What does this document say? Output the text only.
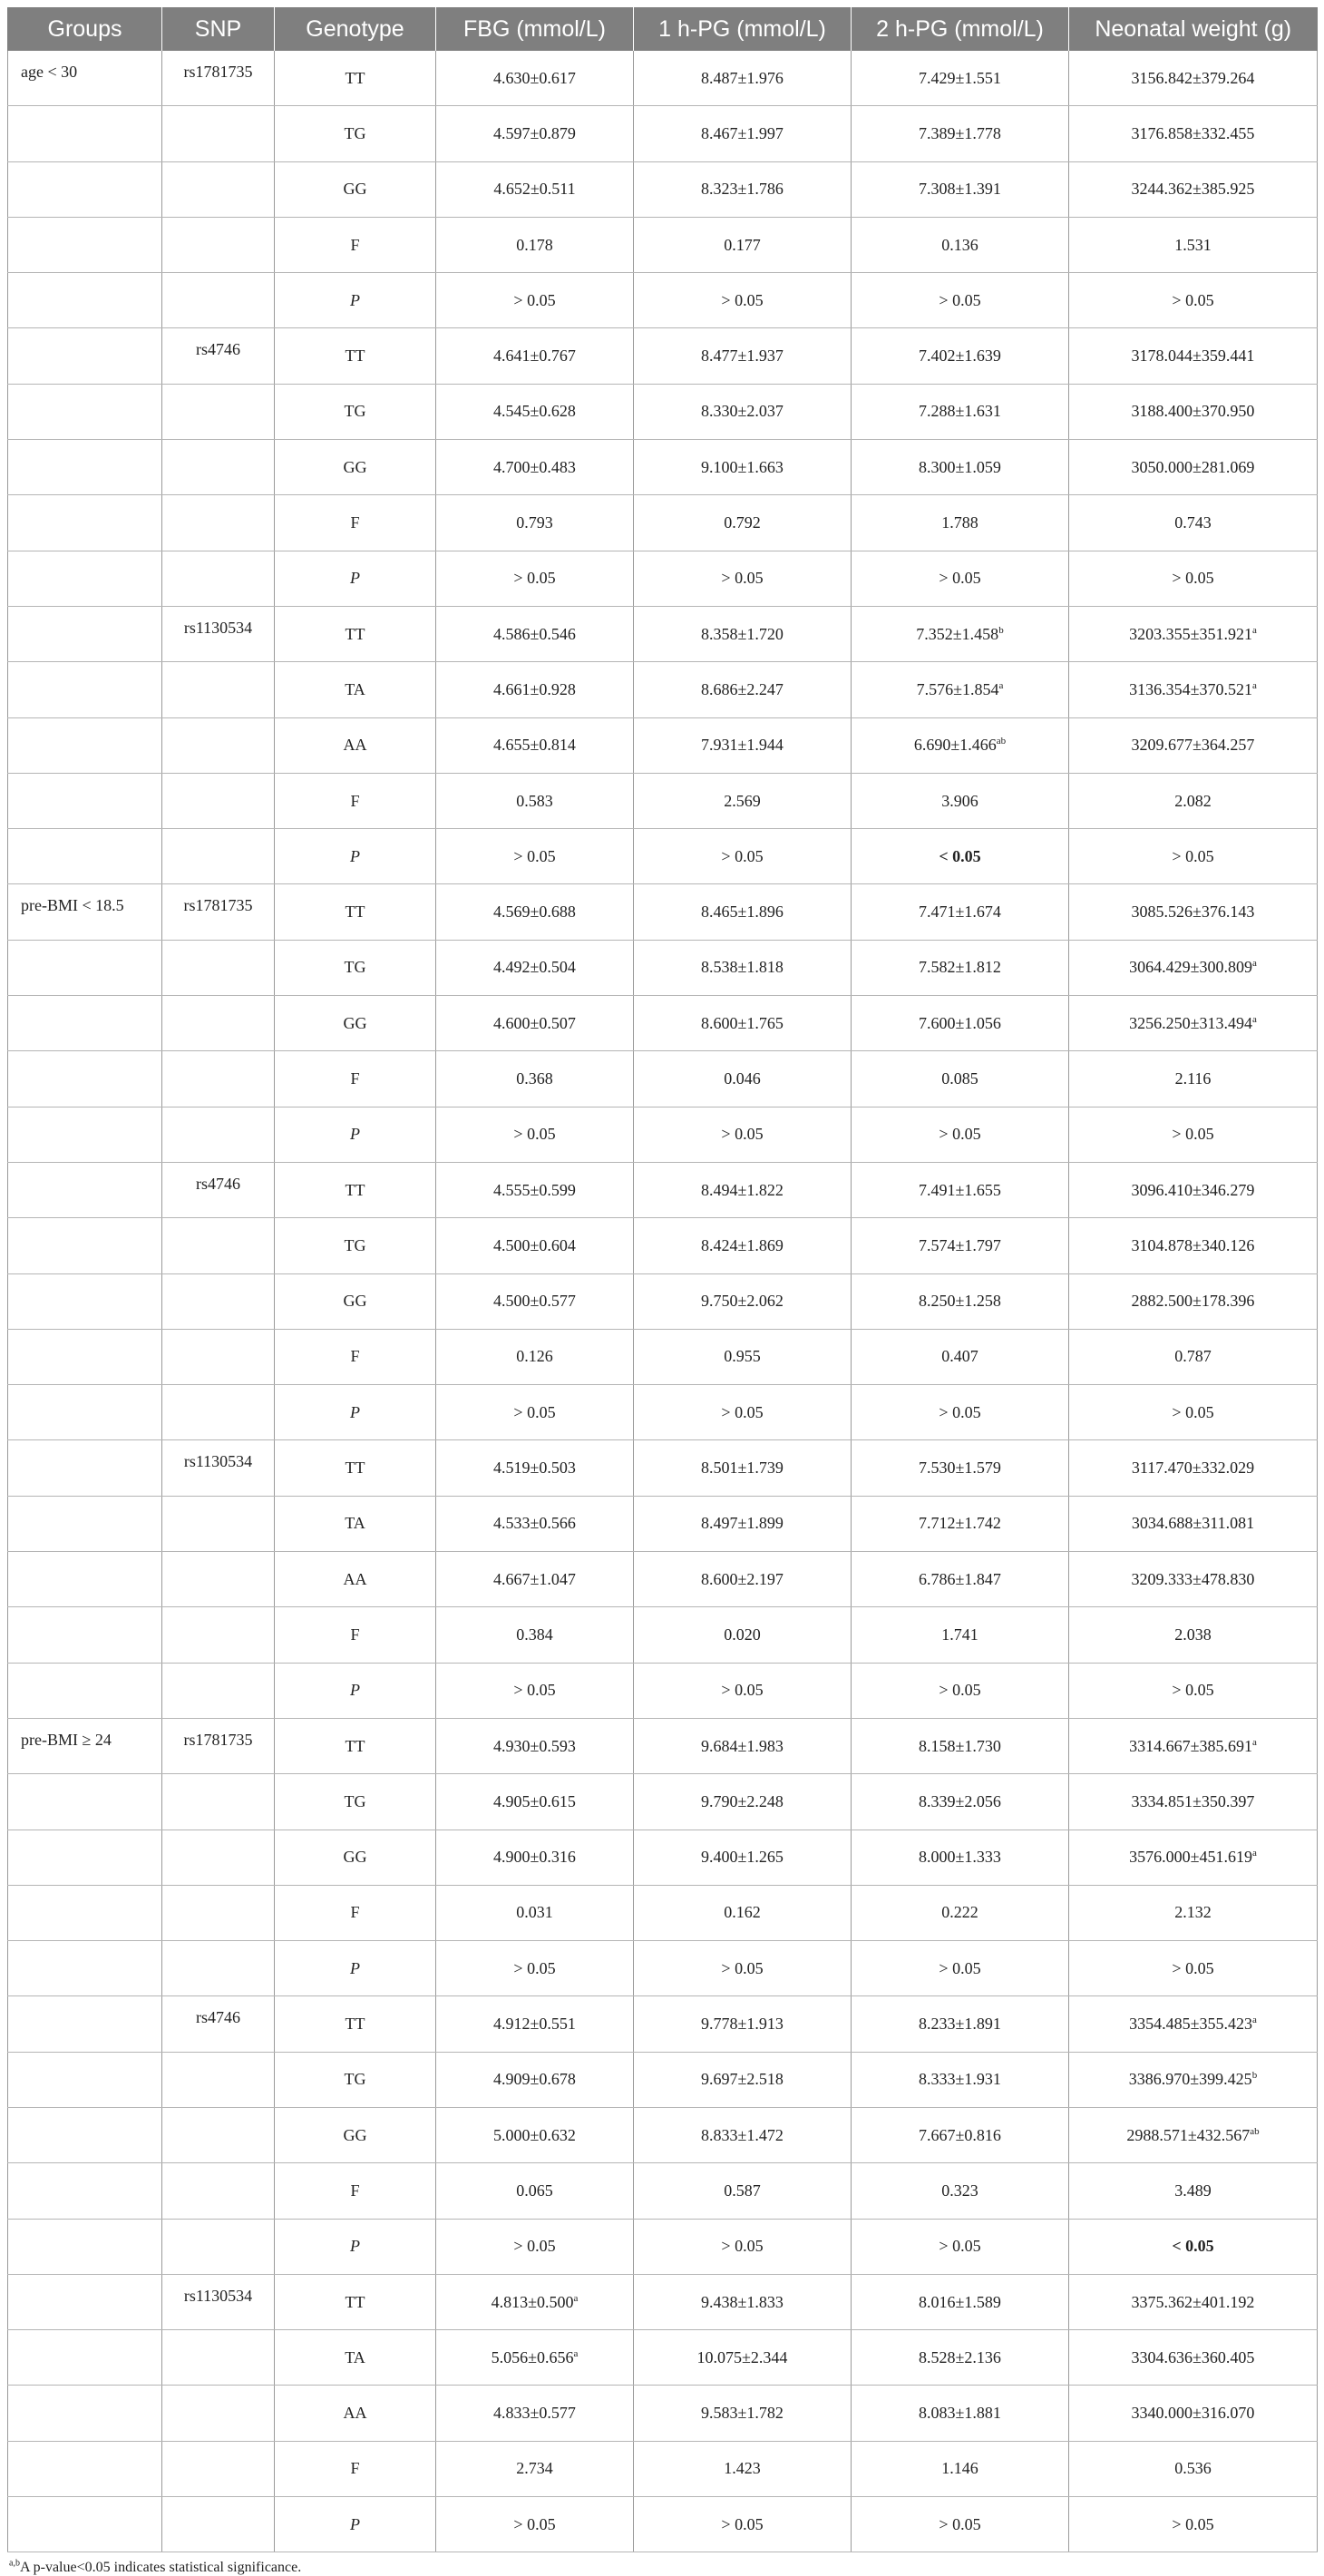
Groups	SNP	Genotype	FBG (mmol/L)	1 h-PG (mmol/L)	2 h-PG (mmol/L)	Neonatal weight (g)
age < 30	rs1781735	TT	4.630±0.617	8.487±1.976	7.429±1.551	3156.842±379.264
		TG	4.597±0.879	8.467±1.997	7.389±1.778	3176.858±332.455
		GG	4.652±0.511	8.323±1.786	7.308±1.391	3244.362±385.925
		F	0.178	0.177	0.136	1.531
		P	> 0.05	> 0.05	> 0.05	> 0.05
	rs4746	TT	4.641±0.767	8.477±1.937	7.402±1.639	3178.044±359.441
		TG	4.545±0.628	8.330±2.037	7.288±1.631	3188.400±370.950
		GG	4.700±0.483	9.100±1.663	8.300±1.059	3050.000±281.069
		F	0.793	0.792	1.788	0.743
		P	> 0.05	> 0.05	> 0.05	> 0.05
	rs1130534	TT	4.586±0.546	8.358±1.720	7.352±1.458$^b$	3203.355±351.921$^a$
		TA	4.661±0.928	8.686±2.247	7.576±1.854$^a$	3136.354±370.521$^a$
		AA	4.655±0.814	7.931±1.944	6.690±1.466$^{ab}$	3209.677±364.257
		F	0.583	2.569	3.906	2.082
		P	> 0.05	> 0.05	< 0.05	> 0.05
pre-BMI < 18.5	rs1781735	TT	4.569±0.688	8.465±1.896	7.471±1.674	3085.526±376.143
		TG	4.492±0.504	8.538±1.818	7.582±1.812	3064.429±300.809$^a$
		GG	4.600±0.507	8.600±1.765	7.600±1.056	3256.250±313.494$^a$
		F	0.368	0.046	0.085	2.116
		P	> 0.05	> 0.05	> 0.05	> 0.05
	rs4746	TT	4.555±0.599	8.494±1.822	7.491±1.655	3096.410±346.279
		TG	4.500±0.604	8.424±1.869	7.574±1.797	3104.878±340.126
		GG	4.500±0.577	9.750±2.062	8.250±1.258	2882.500±178.396
		F	0.126	0.955	0.407	0.787
		P	> 0.05	> 0.05	> 0.05	> 0.05
	rs1130534	TT	4.519±0.503	8.501±1.739	7.530±1.579	3117.470±332.029
		TA	4.533±0.566	8.497±1.899	7.712±1.742	3034.688±311.081
		AA	4.667±1.047	8.600±2.197	6.786±1.847	3209.333±478.830
		F	0.384	0.020	1.741	2.038
		P	> 0.05	> 0.05	> 0.05	> 0.05
pre-BMI ≥ 24	rs1781735	TT	4.930±0.593	9.684±1.983	8.158±1.730	3314.667±385.691$^a$
		TG	4.905±0.615	9.790±2.248	8.339±2.056	3334.851±350.397
		GG	4.900±0.316	9.400±1.265	8.000±1.333	3576.000±451.619$^a$
		F	0.031	0.162	0.222	2.132
		P	> 0.05	> 0.05	> 0.05	> 0.05
	rs4746	TT	4.912±0.551	9.778±1.913	8.233±1.891	3354.485±355.423$^a$
		TG	4.909±0.678	9.697±2.518	8.333±1.931	3386.970±399.425$^b$
		GG	5.000±0.632	8.833±1.472	7.667±0.816	2988.571±432.567$^{ab}$
		F	0.065	0.587	0.323	3.489
		P	> 0.05	> 0.05	> 0.05	< 0.05
	rs1130534	TT	4.813±0.500$^a$	9.438±1.833	8.016±1.589	3375.362±401.192
		TA	5.056±0.656$^a$	10.075±2.344	8.528±2.136	3304.636±360.405
		AA	4.833±0.577	9.583±1.782	8.083±1.881	3340.000±316.070
		F	2.734	1.423	1.146	0.536
		P	> 0.05	> 0.05	> 0.05	> 0.05
$^{a,b}$A p-value<0.05 indicates statistical significance.
